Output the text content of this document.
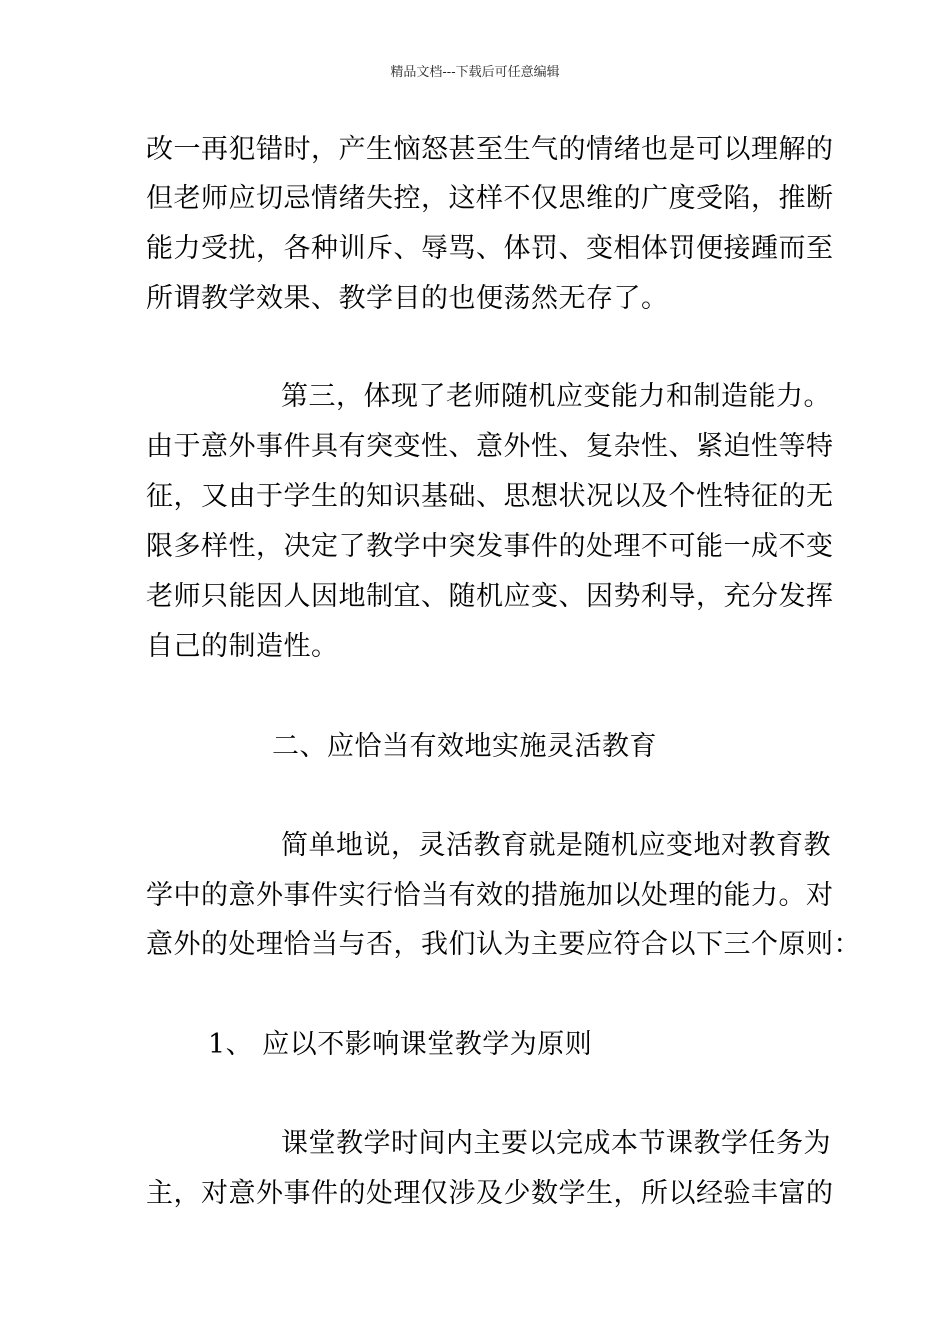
精品文档---下载后可任意编辑
改一再犯错时，产生恼怒甚至生气的情绪也是可以理解的
但老师应切忌情绪失控，这样不仅思维的广度受陷，推断
能力受扰，各种训斥、辱骂、体罚、变相体罚便接踵而至
所谓教学效果、教学目的也便荡然无存了。
第三，体现了老师随机应变能力和制造能力。
由于意外事件具有突变性、意外性、复杂性、紧迫性等特
征，又由于学生的知识基础、思想状况以及个性特征的无
限多样性，决定了教学中突发事件的处理不可能一成不变
老师只能因人因地制宜、随机应变、因势利导，充分发挥
自己的制造性。
二、应恰当有效地实施灵活教育
简单地说，灵活教育就是随机应变地对教育教
学中的意外事件实行恰当有效的措施加以处理的能力。对
意外的处理恰当与否，我们认为主要应符合以下三个原则：
1、 应以不影响课堂教学为原则
课堂教学时间内主要以完成本节课教学任务为
主，对意外事件的处理仅涉及少数学生，所以经验丰富的
